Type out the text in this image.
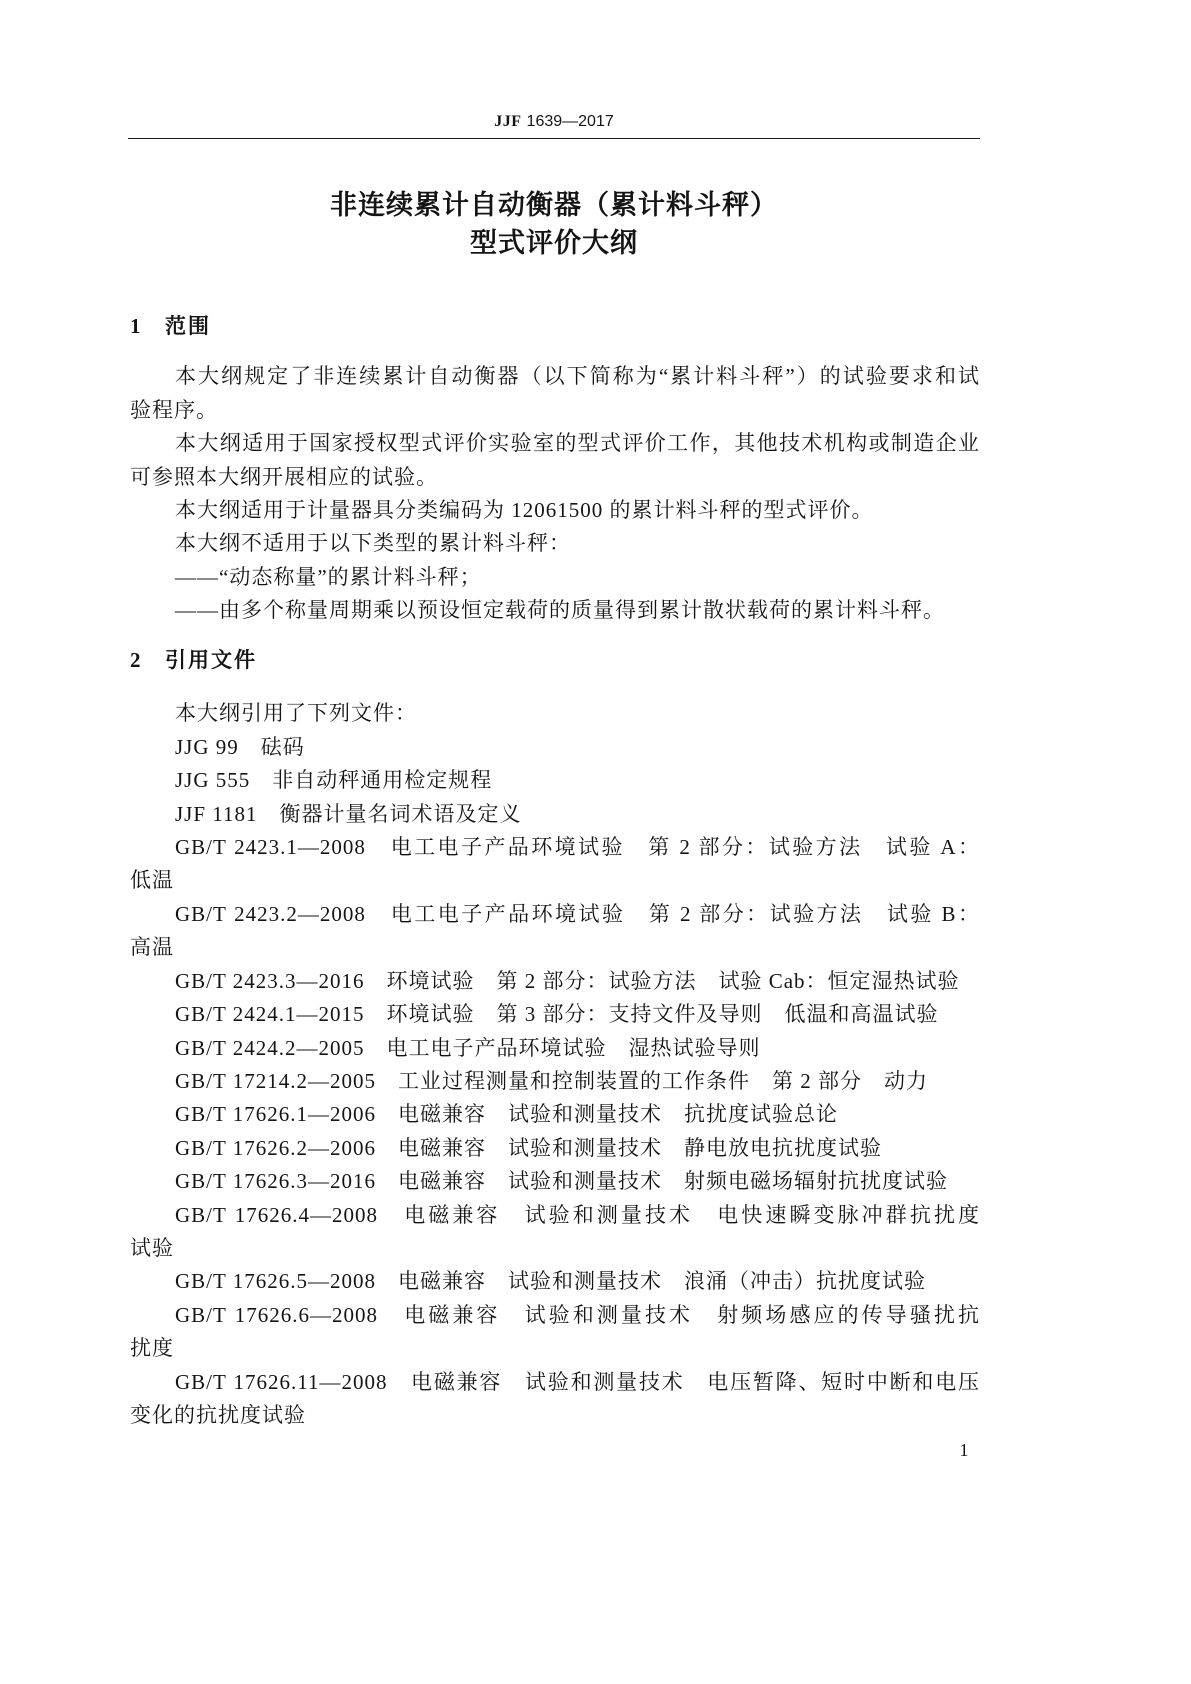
JJF 1639—2017
非连续累计自动衡器（累计料斗秤）
型式评价大纲
1 范围
本大纲规定了非连续累计自动衡器（以下简称为“累计料斗秤”）的试验要求和试
验程序。
本大纲适用于国家授权型式评价实验室的型式评价工作，其他技术机构或制造企业
可参照本大纲开展相应的试验。
本大纲适用于计量器具分类编码为 12061500 的累计料斗秤的型式评价。
本大纲不适用于以下类型的累计料斗秤：
——“动态称量”的累计料斗秤；
——由多个称量周期乘以预设恒定载荷的质量得到累计散状载荷的累计料斗秤。
2 引用文件
本大纲引用了下列文件：
JJG 99　砝码
JJG 555　非自动秤通用检定规程
JJF 1181　衡器计量名词术语及定义
GB/T 2423.1—2008　电工电子产品环境试验　第 2 部分：试验方法　试验 A：
低温
GB/T 2423.2—2008　电工电子产品环境试验　第 2 部分：试验方法　试验 B：
高温
GB/T 2423.3—2016　环境试验　第 2 部分：试验方法　试验 Cab：恒定湿热试验
GB/T 2424.1—2015　环境试验　第 3 部分：支持文件及导则　低温和高温试验
GB/T 2424.2—2005　电工电子产品环境试验　湿热试验导则
GB/T 17214.2—2005　工业过程测量和控制装置的工作条件　第 2 部分　动力
GB/T 17626.1—2006　电磁兼容　试验和测量技术　抗扰度试验总论
GB/T 17626.2—2006　电磁兼容　试验和测量技术　静电放电抗扰度试验
GB/T 17626.3—2016　电磁兼容　试验和测量技术　射频电磁场辐射抗扰度试验
GB/T 17626.4—2008　电磁兼容　试验和测量技术　电快速瞬变脉冲群抗扰度
试验
GB/T 17626.5—2008　电磁兼容　试验和测量技术　浪涌（冲击）抗扰度试验
GB/T 17626.6—2008　电磁兼容　试验和测量技术　射频场感应的传导骚扰抗
扰度
GB/T 17626.11—2008　电磁兼容　试验和测量技术　电压暂降、短时中断和电压
变化的抗扰度试验
1
